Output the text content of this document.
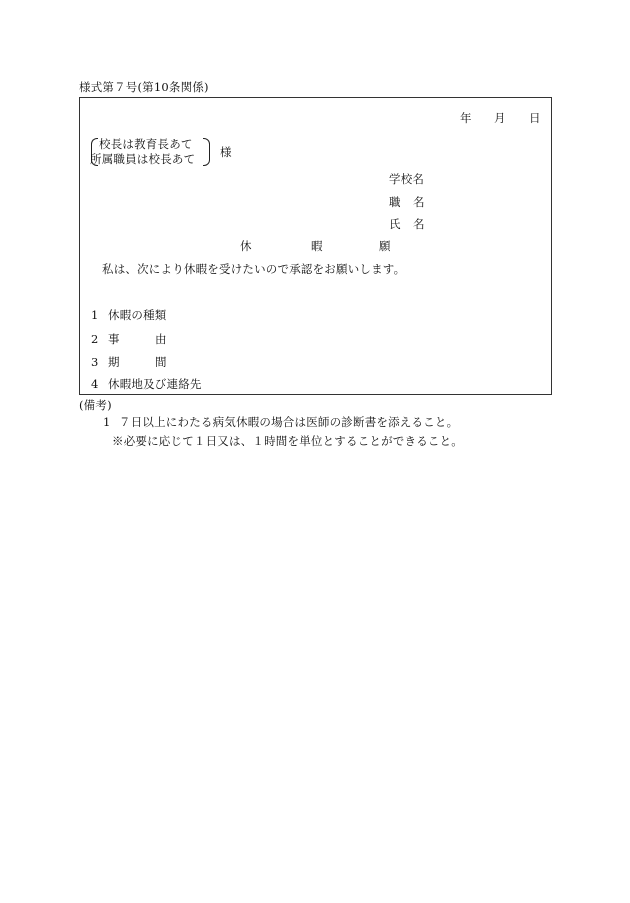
様式第７号(第10条関係)
年 月 日
校長は教育長あて
所属職員は校長あて 様
学校名
職 名
氏 名
休	暇	願
私は、次により休暇を受けたいので承認をお願いします。
1 休暇の種類
2 事	由
3 期	間
4 休暇地及び連絡先
(備考)
1 ７日以上にわたる病気休暇の場合は医師の診断書を添えること。
※必要に応じて１日又は、１時間を単位とすることができること。
